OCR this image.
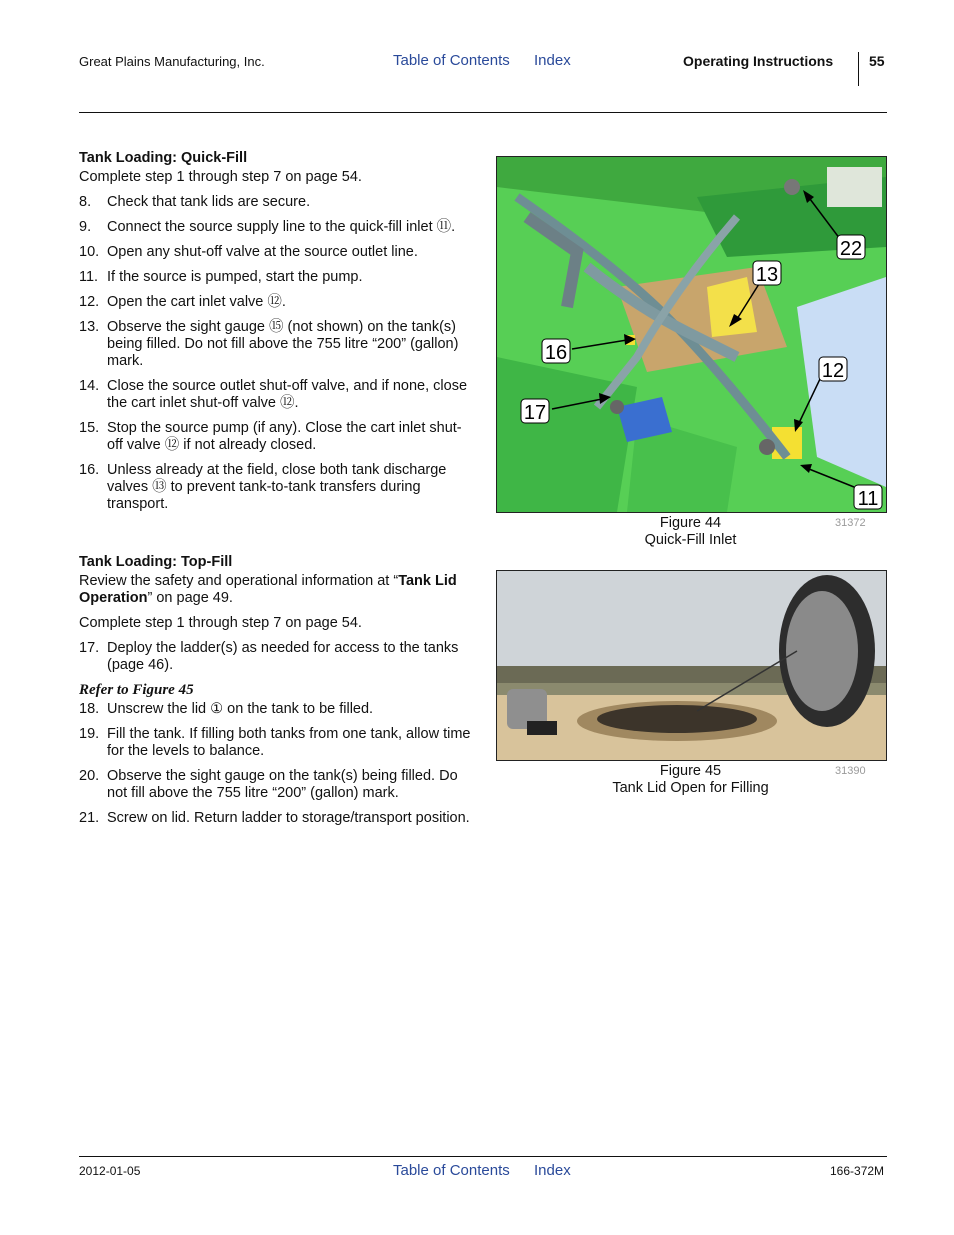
Great Plains Manufacturing, Inc.	Table of Contents Index	Operating Instructions	55
Tank Loading: Quick-Fill

Complete step 1 through step 7 on page 54.

8. Check that tank lids are secure.
9. Connect the source supply line to the quick-fill inlet ⑪.
10. Open any shut-off valve at the source outlet line.
11. If the source is pumped, start the pump.
12. Open the cart inlet valve ⑫.
13. Observe the sight gauge ⑮ (not shown) on the tank(s) being filled. Do not fill above the 755 litre “200” (gallon) mark.
14. Close the source outlet shut-off valve, and if none, close the cart inlet shut-off valve ⑫.
15. Stop the source pump (if any). Close the cart inlet shut-off valve ⑫ if not already closed.
16. Unless already at the field, close both tank discharge valves ⑬ to prevent tank-to-tank transfers during transport.
Tank Loading: Top-Fill

Review the safety and operational information at “Tank Lid Operation” on page 49.

Complete step 1 through step 7 on page 54.

17. Deploy the ladder(s) as needed for access to the tanks (page 46).
Refer to Figure 45
18. Unscrew the lid ① on the tank to be filled.
19. Fill the tank. If filling both tanks from one tank, allow time for the levels to balance.
20. Observe the sight gauge on the tank(s) being filled. Do not fill above the 755 litre “200” (gallon) mark.
21. Screw on lid. Return ladder to storage/transport position.
22
13
16
12
17
11
Figure 44
Quick-Fill Inlet
31372
Figure 45
Tank Lid Open for Filling
31390
2012-01-05	Table of Contents Index	166-372M
